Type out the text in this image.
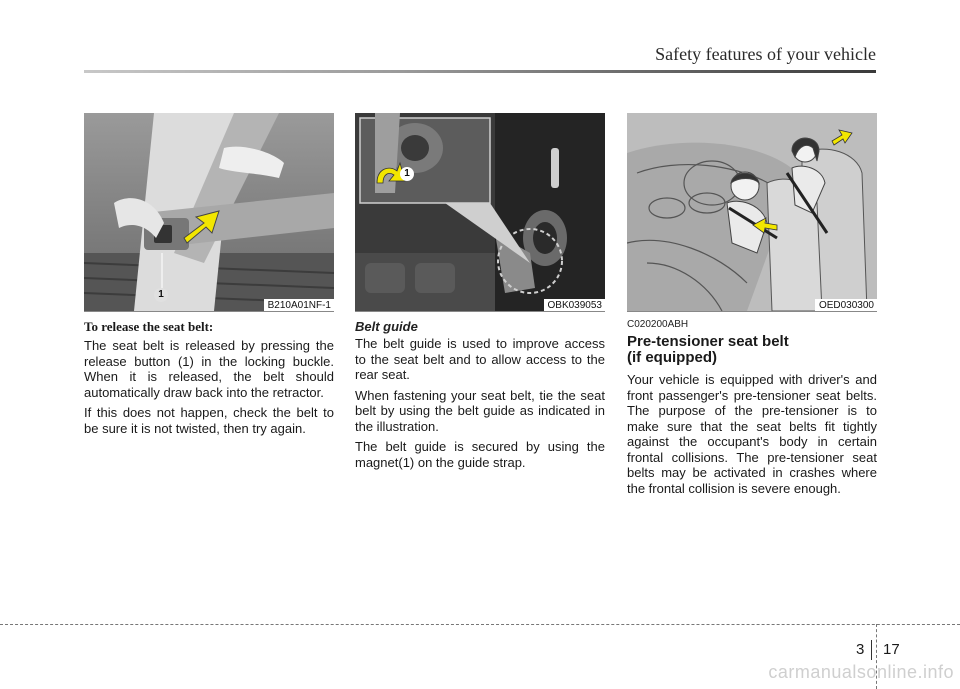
Safety features of your vehicle
1
B210A01NF-1
To release the seat belt:

The seat belt is released by pressing the release button (1) in the locking buckle. When it is released, the belt should automatically draw back into the retractor.

If this does not happen, check the belt to be sure it is not twisted, then try again.

1
OBK039053
Belt guide

The belt guide is used to improve access to the seat belt and to allow access to the rear seat.

When fastening your seat belt, tie the seat belt by using the belt guide as indicated in the illustration.

The belt guide is secured by using the magnet(1) on the guide strap.

OED030300
C020200ABH
Pre-tensioner seat belt
(if equipped)

Your vehicle is equipped with driver's and front passenger's pre-tensioner seat belts. The purpose of the pre-tensioner is to make sure that the seat belts fit tightly against the occupant's body in certain frontal collisions. The pre-tensioner seat belts may be activated in crashes where the frontal collision is severe enough.

3 17
carmanualsonline.info
